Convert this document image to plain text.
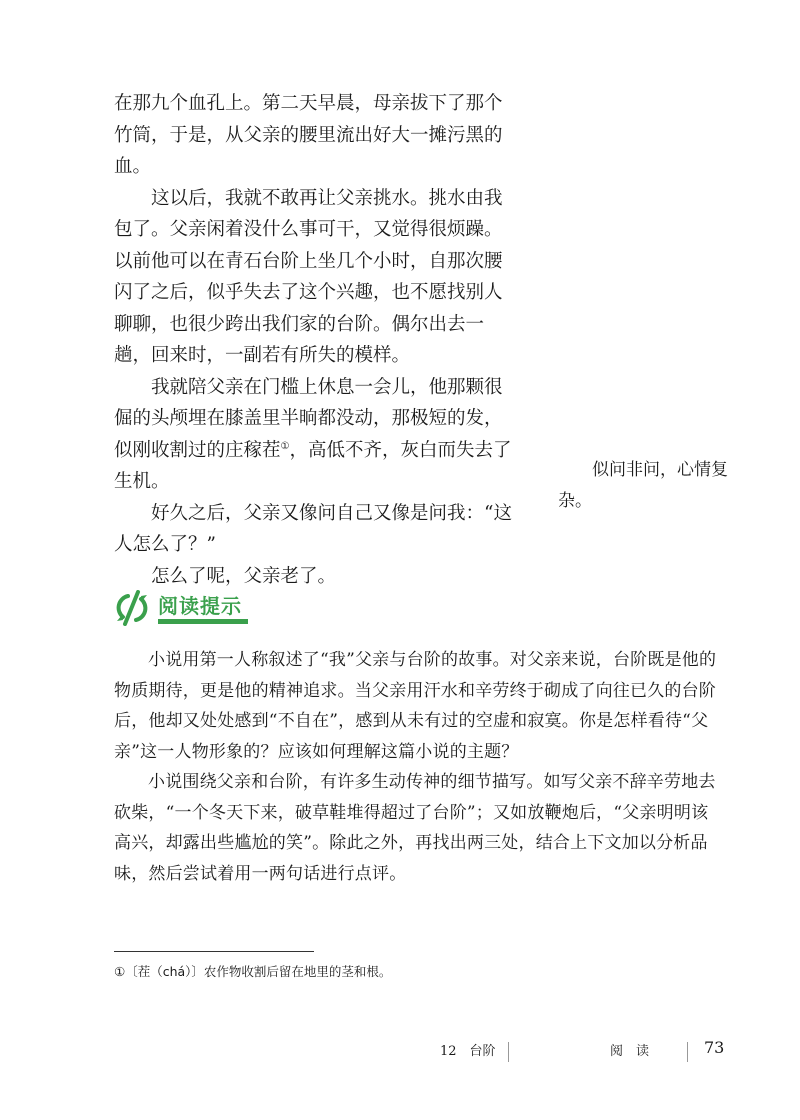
在那九个血孔上。第二天早晨，母亲拔下了那个竹筒，于是，从父亲的腰里流出好大一摊污黑的血。

这以后，我就不敢再让父亲挑水。挑水由我包了。父亲闲着没什么事可干，又觉得很烦躁。以前他可以在青石台阶上坐几个小时，自那次腰闪了之后，似乎失去了这个兴趣，也不愿找别人聊聊，也很少跨出我们家的台阶。偶尔出去一趟，回来时，一副若有所失的模样。

我就陪父亲在门槛上休息一会儿，他那颗很倔的头颅埋在膝盖里半晌都没动，那极短的发，似刚收割过的庄稼茬①，高低不齐，灰白而失去了生机。

好久之后，父亲又像问自己又像是问我：“这人怎么了？”

怎么了呢，父亲老了。

似问非问，心情复杂。
阅读提示

小说用第一人称叙述了“我”父亲与台阶的故事。对父亲来说，台阶既是他的物质期待，更是他的精神追求。当父亲用汗水和辛劳终于砌成了向往已久的台阶后，他却又处处感到“不自在”，感到从未有过的空虚和寂寞。你是怎样看待“父亲”这一人物形象的？应该如何理解这篇小说的主题？

小说围绕父亲和台阶，有许多生动传神的细节描写。如写父亲不辞辛劳地去砍柴，“一个冬天下来，破草鞋堆得超过了台阶”；又如放鞭炮后，“父亲明明该高兴，却露出些尴尬的笑”。除此之外，再找出两三处，结合上下文加以分析品味，然后尝试着用一两句话进行点评。

①〔茬（chá）〕农作物收割后留在地里的茎和根。
12　台阶	阅　读	73
